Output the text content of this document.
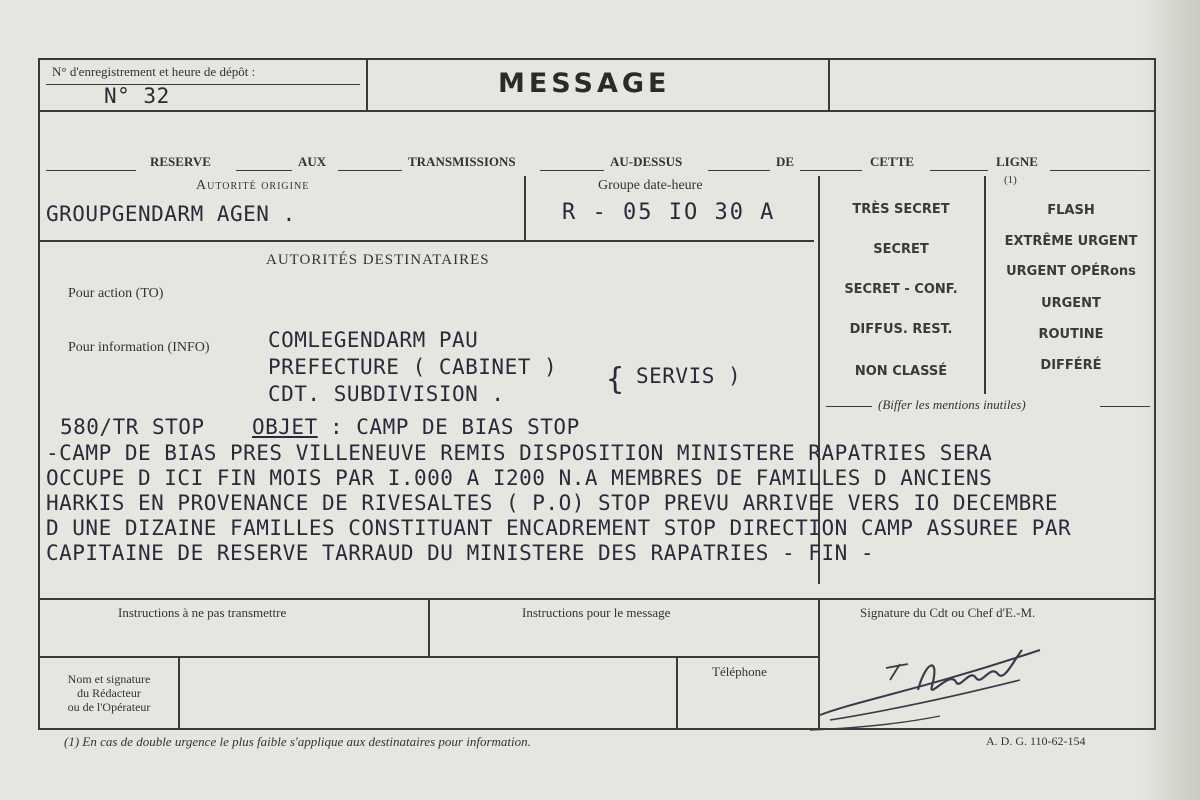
N° d'enregistrement et heure de dépôt :
N° 32	MESSAGE
RESERVE	AUX	TRANSMISSIONS	AU-DESSUS	DE	CETTE	LIGNE
(1)
Autorité origine
GROUPGENDARM AGEN .
Groupe date-heure
R - 05 IO 30 A	TRÈS SECRET
SECRET
SECRET - CONF.
DIFFUS. REST.
NON CLASSÉ
FLASH
EXTRÊME URGENT
URGENT OPÉRons
URGENT
ROUTINE
DIFFÉRÉ
(Biffer les mentions inutiles)
AUTORITÉS DESTINATAIRES
Pour action (TO)
Pour information (INFO)	COMLEGENDARM PAU
PREFECTURE ( CABINET )
CDT. SUBDIVISION .	{ SERVIS )
580/TR STOP OBJET : CAMP DE BIAS STOP
-CAMP DE BIAS PRES VILLENEUVE REMIS DISPOSITION MINISTERE RAPATRIES SERA
OCCUPE D ICI FIN MOIS PAR I.000 A I200 N.A MEMBRES DE FAMILLES D ANCIENS
HARKIS EN PROVENANCE DE RIVESALTES ( P.O) STOP PREVU ARRIVEE VERS IO DECEMBRE
D UNE DIZAINE FAMILLES CONSTITUANT ENCADREMENT STOP DIRECTION CAMP ASSUREE PAR
CAPITAINE DE RESERVE TARRAUD DU MINISTERE DES RAPATRIES - FIN -
Instructions à ne pas transmettre	Instructions pour le message	Signature du Cdt ou Chef d'E.-M.
Nom et signature
du Rédacteur
ou de l'Opérateur
Téléphone
Tarraud
(1) En cas de double urgence le plus faible s'applique aux destinataires pour information.	A. D. G. 110-62-154
